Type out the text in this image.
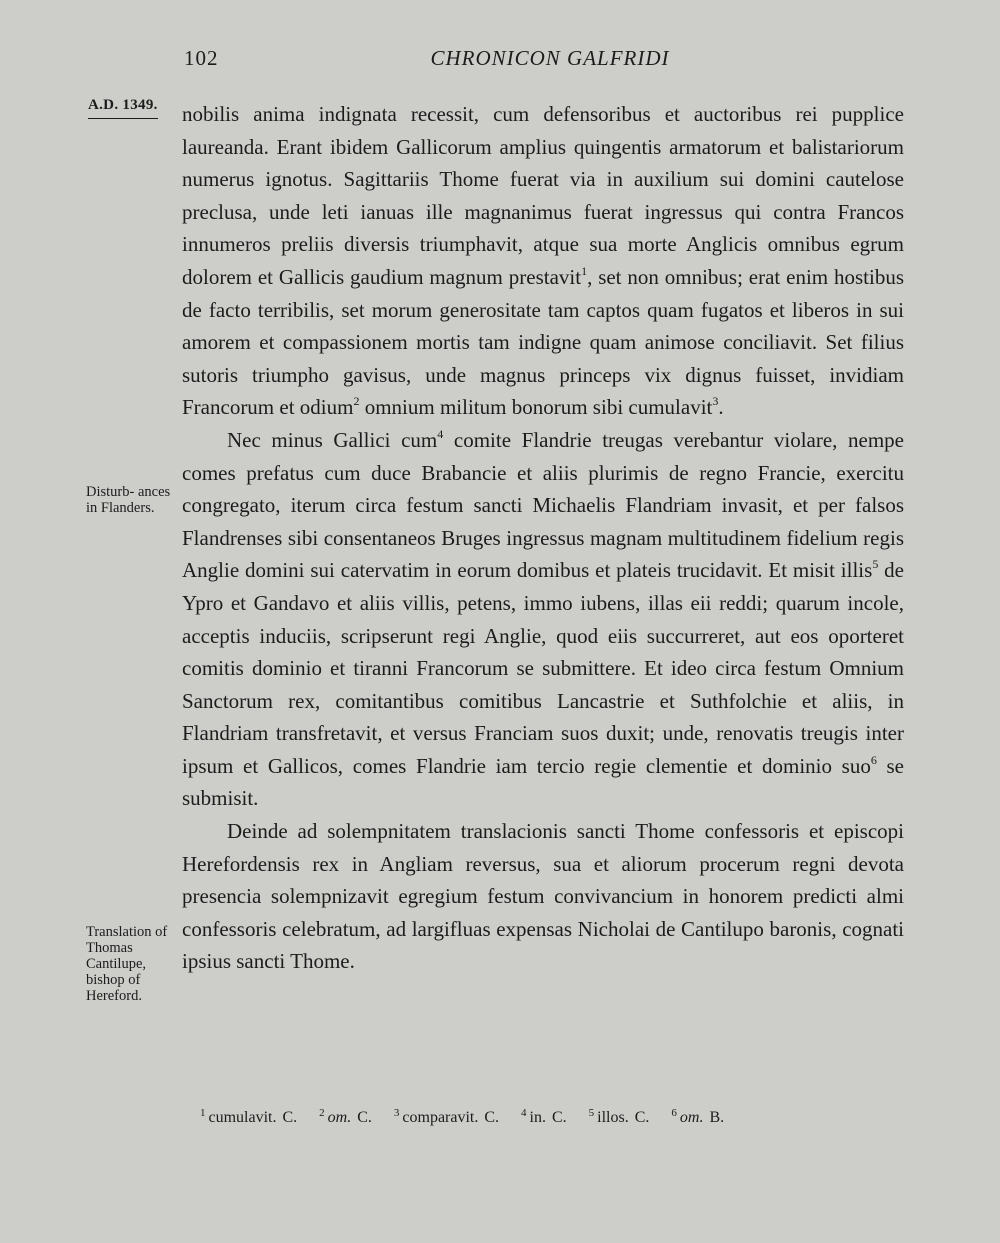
102	CHRONICON GALFRIDI
A.D. 1349.
Disturb- ances in Flanders.
Translation of Thomas Cantilupe, bishop of Hereford.

nobilis anima indignata recessit, cum defensoribus et auctoribus rei pupplice laureanda. Erant ibidem Gallicorum amplius quingentis armatorum et balistariorum numerus ignotus. Sagittariis Thome fuerat via in auxilium sui domini cautelose preclusa, unde leti ianuas ille magnanimus fuerat ingressus qui contra Francos innumeros preliis diversis triumphavit, atque sua morte Anglicis omnibus egrum dolorem et Gallicis gaudium magnum prestavit$^1$, set non omnibus; erat enim hostibus de facto terribilis, set morum generositate tam captos quam fugatos et liberos in sui amorem et compassionem mortis tam indigne quam animose conciliavit. Set filius sutoris triumpho gavisus, unde magnus princeps vix dignus fuisset, invidiam Francorum et odium$^2$ omnium militum bonorum sibi cumulavit$^3$.

Nec minus Gallici cum$^4$ comite Flandrie treugas verebantur violare, nempe comes prefatus cum duce Brabancie et aliis plurimis de regno Francie, exercitu congregato, iterum circa festum sancti Michaelis Flandriam invasit, et per falsos Flandrenses sibi consentaneos Bruges ingressus magnam multitudinem fidelium regis Anglie domini sui catervatim in eorum domibus et plateis trucidavit. Et misit illis$^5$ de Ypro et Gandavo et aliis villis, petens, immo iubens, illas eii reddi; quarum incole, acceptis induciis, scripserunt regi Anglie, quod eiis succurreret, aut eos oporteret comitis dominio et tiranni Francorum se submittere. Et ideo circa festum Omnium Sanctorum rex, comitantibus comitibus Lancastrie et Suthfolchie et aliis, in Flandriam transfretavit, et versus Franciam suos duxit; unde, renovatis treugis inter ipsum et Gallicos, comes Flandrie iam tercio regie clementie et dominio suo$^6$ se submisit.

Deinde ad solempnitatem translacionis sancti Thome confessoris et episcopi Herefordensis rex in Angliam reversus, sua et aliorum procerum regni devota presencia solempnizavit egregium festum convivancium in honorem predicti almi confessoris celebratum, ad largifluas expensas Nicholai de Cantilupo baronis, cognati ipsius sancti Thome.

$^1$ cumulavit. C. $^2$ om. C. $^3$ comparavit. C. $^4$ in. C. $^5$ illos. C. $^6$ om. B.
